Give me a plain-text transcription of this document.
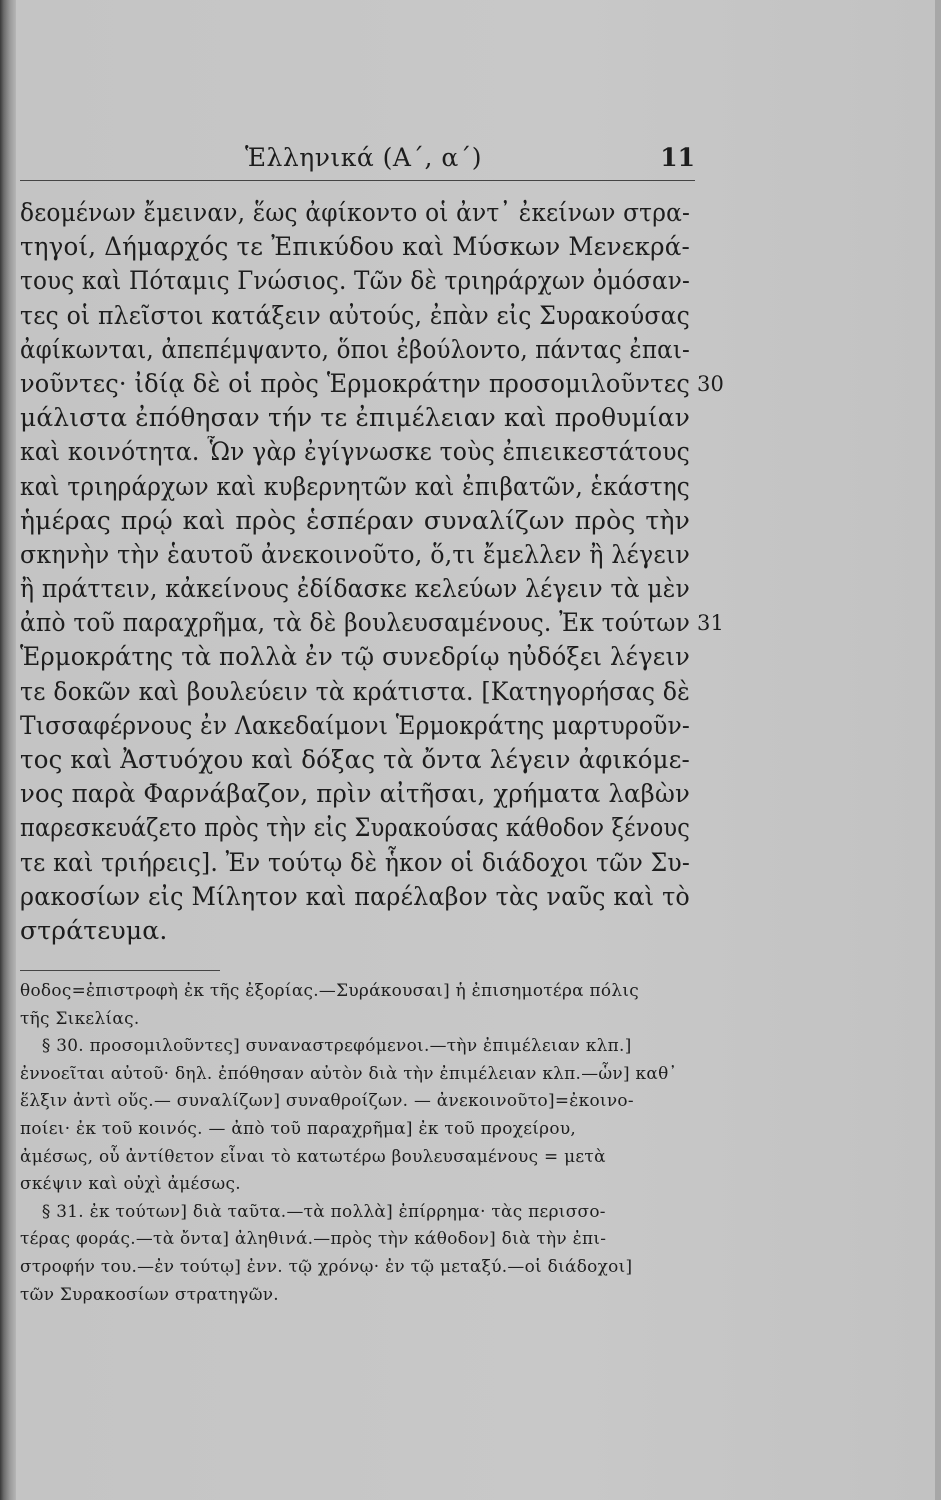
Ἑλληνικά (Α΄, α΄)	11
δεομένων ἔμειναν, ἕως ἀφίκοντο οἱ ἀντ᾽ ἐκείνων στρα-
τηγοί, Δήμαρχός τε Ἐπικύδου καὶ Μύσκων Μενεκρά-
τους καὶ Πόταμις Γνώσιος. Τῶν δὲ τριηράρχων ὀμόσαν-
τες οἱ πλεῖστοι κατάξειν αὐτούς, ἐπὰν εἰς Συρακούσας
ἀφίκωνται, ἀπεπέμψαντο, ὅποι ἐβούλοντο, πάντας ἐπαι-
νοῦντες· ἰδίᾳ δὲ οἱ πρὸς Ἑρμοκράτην προσομιλοῦντες 30
μάλιστα ἐπόθησαν τήν τε ἐπιμέλειαν καὶ προθυμίαν
καὶ κοινότητα. Ὧν γὰρ ἐγίγνωσκε τοὺς ἐπιεικεστάτους
καὶ τριηράρχων καὶ κυβερνητῶν καὶ ἐπιβατῶν, ἑκάστης
ἡμέρας πρῴ καὶ πρὸς ἑσπέραν συναλίζων πρὸς τὴν
σκηνὴν τὴν ἑαυτοῦ ἀνεκοινοῦτο, ὅ,τι ἔμελλεν ἢ λέγειν
ἢ πράττειν, κἀκείνους ἐδίδασκε κελεύων λέγειν τὰ μὲν
ἀπὸ τοῦ παραχρῆμα, τὰ δὲ βουλευσαμένους. Ἐκ τούτων 31
Ἑρμοκράτης τὰ πολλὰ ἐν τῷ συνεδρίῳ ηὐδόξει λέγειν
τε δοκῶν καὶ βουλεύειν τὰ κράτιστα. [Κατηγορήσας δὲ
Τισσαφέρνους ἐν Λακεδαίμονι Ἑρμοκράτης μαρτυροῦν-
τος καὶ Ἀστυόχου καὶ δόξας τὰ ὄντα λέγειν ἀφικόμε-
νος παρὰ Φαρνάβαζον, πρὶν αἰτῆσαι, χρήματα λαβὼν
παρεσκευάζετο πρὸς τὴν εἰς Συρακούσας κάθοδον ξένους
τε καὶ τριήρεις]. Ἐν τούτῳ δὲ ἧκον οἱ διάδοχοι τῶν Συ-
ρακοσίων εἰς Μίλητον καὶ παρέλαβον τὰς ναῦς καὶ τὸ
στράτευμα.
θοδος=ἐπιστροφὴ ἐκ τῆς ἐξορίας.—Συράκουσαι] ἡ ἐπισημοτέρα πόλις
τῆς Σικελίας.
§ 30. προσομιλοῦντες] συναναστρεφόμενοι.—τὴν ἐπιμέλειαν κλπ.]
ἐννοεῖται αὐτοῦ· δηλ. ἐπόθησαν αὐτὸν διὰ τὴν ἐπιμέλειαν κλπ.—ὧν] καθ᾽
ἕλξιν ἀντὶ οὕς.— συναλίζων] συναθροίζων. — ἀνεκοινοῦτο]=ἐκοινο-
ποίει· ἐκ τοῦ κοινός. — ἀπὸ τοῦ παραχρῆμα] ἐκ τοῦ προχείρου,
ἀμέσως, οὗ ἀντίθετον εἶναι τὸ κατωτέρω βουλευσαμένους = μετὰ
σκέψιν καὶ οὐχὶ ἀμέσως.
§ 31. ἐκ τούτων] διὰ ταῦτα.—τὰ πολλὰ] ἐπίρρημα· τὰς περισσο-
τέρας φοράς.—τὰ ὄντα] ἀληθινά.—πρὸς τὴν κάθοδον] διὰ τὴν ἐπι-
στροφήν του.—ἐν τούτῳ] ἐνν. τῷ χρόνῳ· ἐν τῷ μεταξύ.—οἱ διάδοχοι]
τῶν Συρακοσίων στρατηγῶν.
